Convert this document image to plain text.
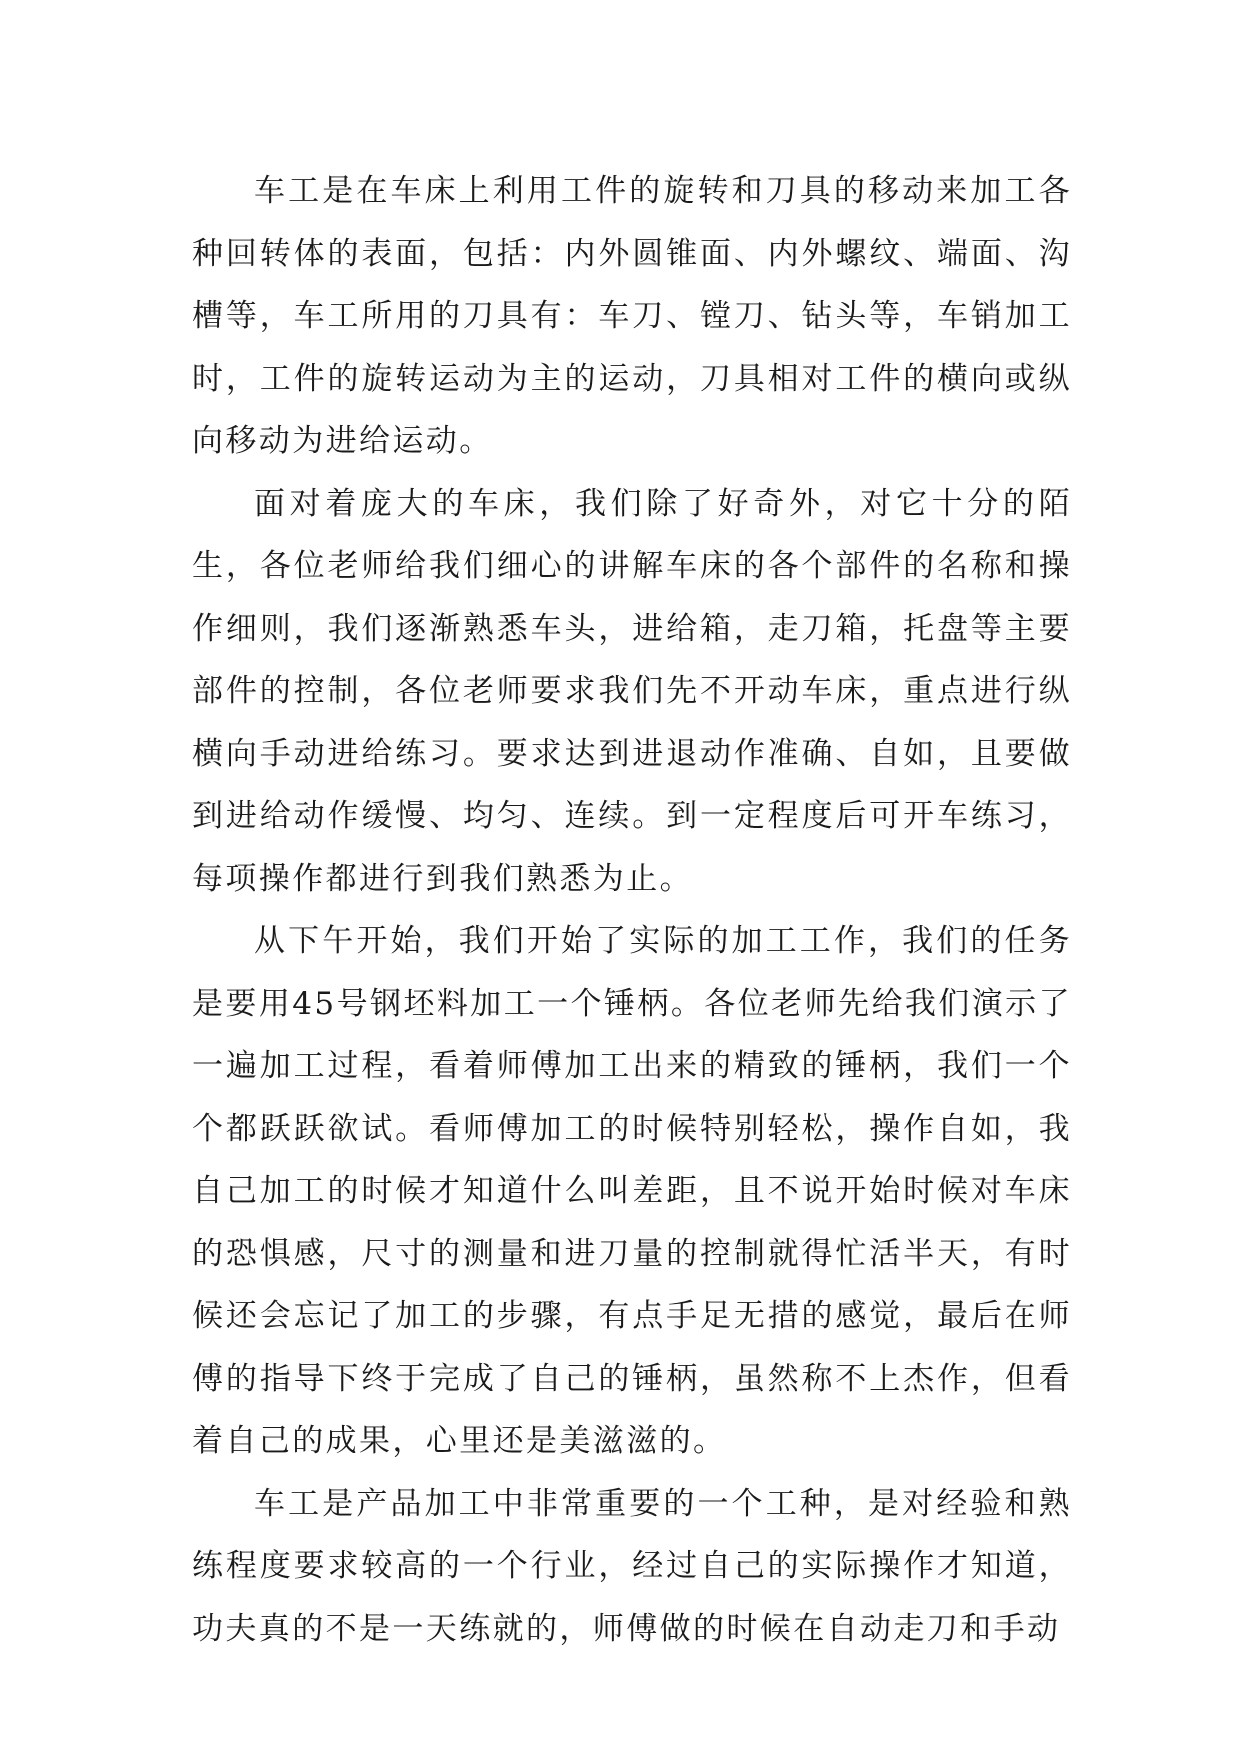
车工是在车床上利用工件的旋转和刀具的移动来加工各种回转体的表面，包括：内外圆锥面、内外螺纹、端面、沟槽等，车工所用的刀具有：车刀、镗刀、钻头等，车销加工时，工件的旋转运动为主的运动，刀具相对工件的横向或纵向移动为进给运动。

面对着庞大的车床，我们除了好奇外，对它十分的陌生，各位老师给我们细心的讲解车床的各个部件的名称和操作细则，我们逐渐熟悉车头，进给箱，走刀箱，托盘等主要部件的控制，各位老师要求我们先不开动车床，重点进行纵横向手动进给练习。要求达到进退动作准确、自如，且要做到进给动作缓慢、均匀、连续。到一定程度后可开车练习，每项操作都进行到我们熟悉为止。

从下午开始，我们开始了实际的加工工作，我们的任务是要用45号钢坯料加工一个锤柄。各位老师先给我们演示了一遍加工过程，看着师傅加工出来的精致的锤柄，我们一个个都跃跃欲试。看师傅加工的时候特别轻松，操作自如，我自己加工的时候才知道什么叫差距，且不说开始时候对车床的恐惧感，尺寸的测量和进刀量的控制就得忙活半天，有时候还会忘记了加工的步骤，有点手足无措的感觉，最后在师傅的指导下终于完成了自己的锤柄，虽然称不上杰作，但看着自己的成果，心里还是美滋滋的。

车工是产品加工中非常重要的一个工种，是对经验和熟练程度要求较高的一个行业，经过自己的实际操作才知道，功夫真的不是一天练就的，师傅做的时候在自动走刀和手动
